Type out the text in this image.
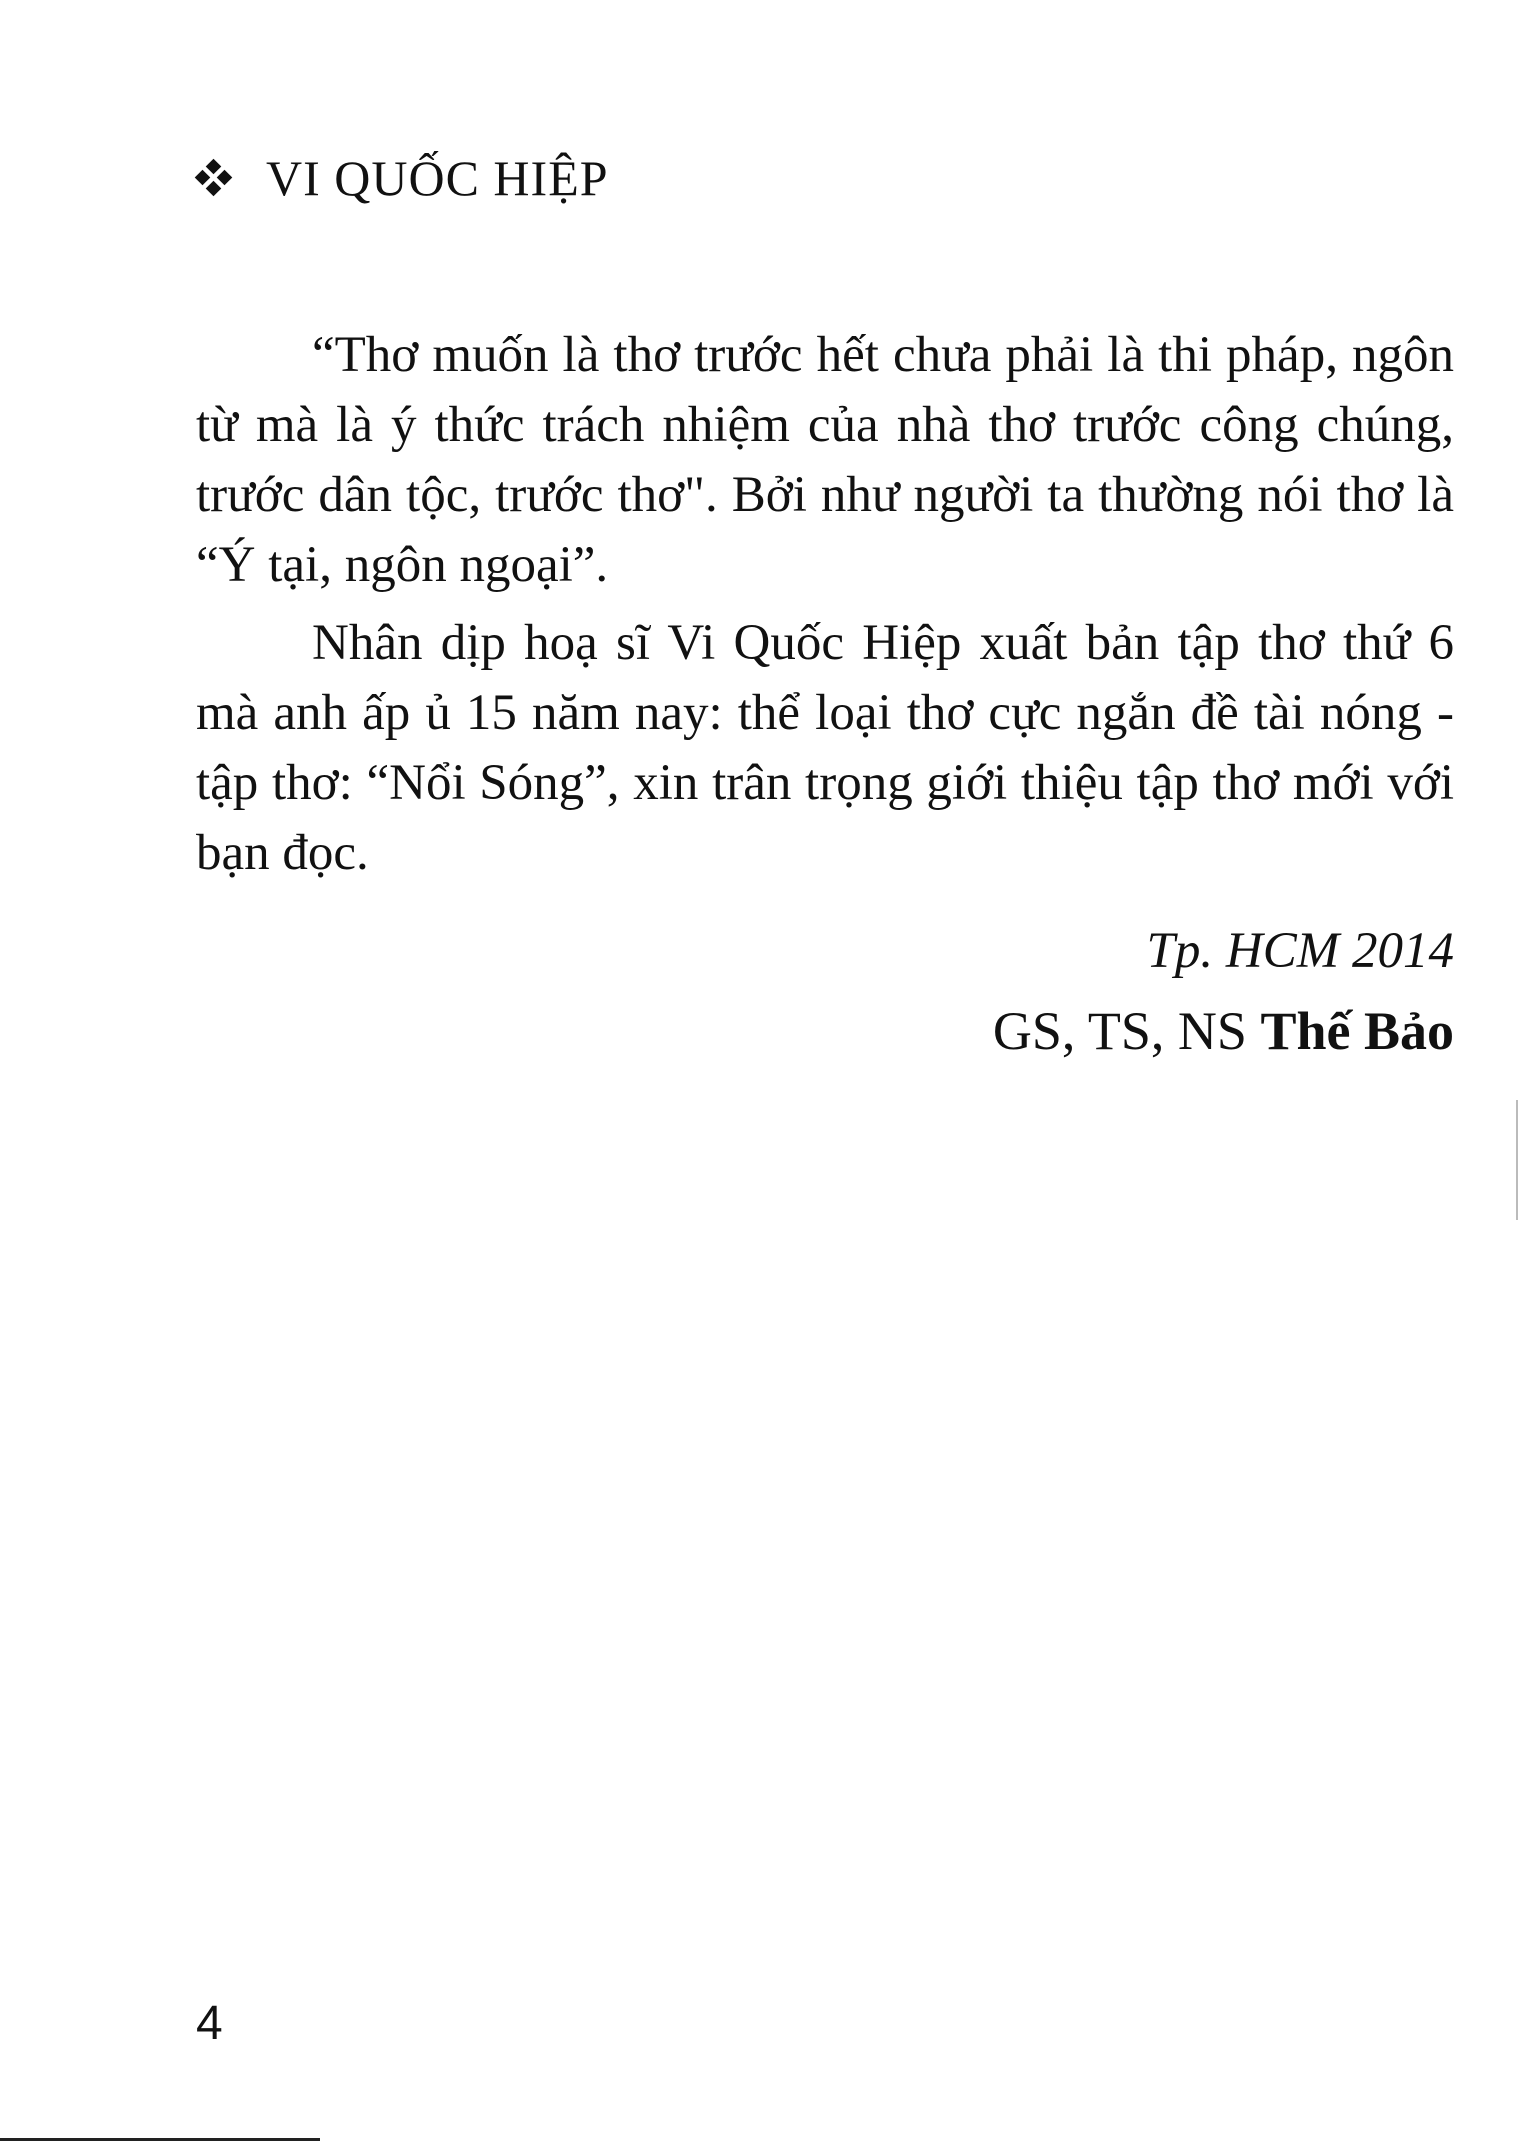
VI QUỐC HIỆP

“Thơ muốn là thơ trước hết chưa phải là thi pháp, ngôn từ mà là ý thức trách nhiệm của nhà thơ trước công chúng, trước dân tộc, trước thơ". Bởi như người ta thường nói thơ là “Ý tại, ngôn ngoại”.

Nhân dịp hoạ sĩ Vi Quốc Hiệp xuất bản tập thơ thứ 6 mà anh ấp ủ 15 năm nay: thể loại thơ cực ngắn đề tài nóng - tập thơ: “Nổi Sóng”, xin trân trọng giới thiệu tập thơ mới với bạn đọc.

Tp. HCM 2014
GS, TS, NS Thế Bảo
4
